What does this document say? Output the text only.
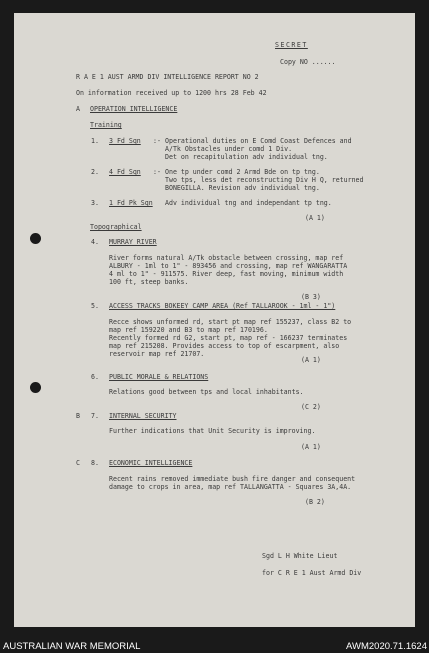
SECRET
Copy NO ......
R A E 1 AUST ARMD DIV INTELLIGENCE REPORT NO 2
On information received up to 1200 hrs 28 Feb 42
A OPERATION INTELLIGENCE
Training
1. 3 Fd Sqn :- Operational duties on E Comd Coast Defences and
A/Tk Obstacles under comd 1 Div.
Det on recapitulation adv individual tng.
2. 4 Fd Sqn :- One tp under comd 2 Armd Bde on tp tng.
Two tps, less det reconstructing Div H Q, returned
BONEGILLA. Revision adv individual tng.
3. 1 Fd Pk Sqn Adv individual tng and independant tp tng.
(A 1)
Topographical
4. MURRAY RIVER
River forms natural A/Tk obstacle between crossing, map ref
ALBURY - 1ml to 1" - 893456 and crossing, map ref WANGARATTA
4 ml to 1" - 911575. River deep, fast moving, minimum width
100 ft, steep banks.
(B 3)
5. ACCESS TRACKS BOKEEY CAMP AREA (Ref TALLAROOK - 1ml - 1")
Recce shows unformed rd, start pt map ref 155237, class B2 to
map ref 159220 and B3 to map ref 170196.
Recently formed rd G2, start pt, map ref - 166237 terminates
map ref 215208. Provides access to top of escarpment, also
reservoir map ref 21707.
(A 1)
6. PUBLIC MORALE & RELATIONS
Relations good between tps and local inhabitants.
(C 2)
B 7. INTERNAL SECURITY
Further indications that Unit Security is improving.
(A 1)
C 8. ECONOMIC INTELLIGENCE
Recent rains removed immediate bush fire danger and consequent
damage to crops in area, map ref TALLANGATTA - Squares 3A,4A.
(B 2)
Sgd L H White Lieut
for C R E 1 Aust Armd Div
AUSTRALIAN WAR MEMORIAL	AWM2020.71.1624
